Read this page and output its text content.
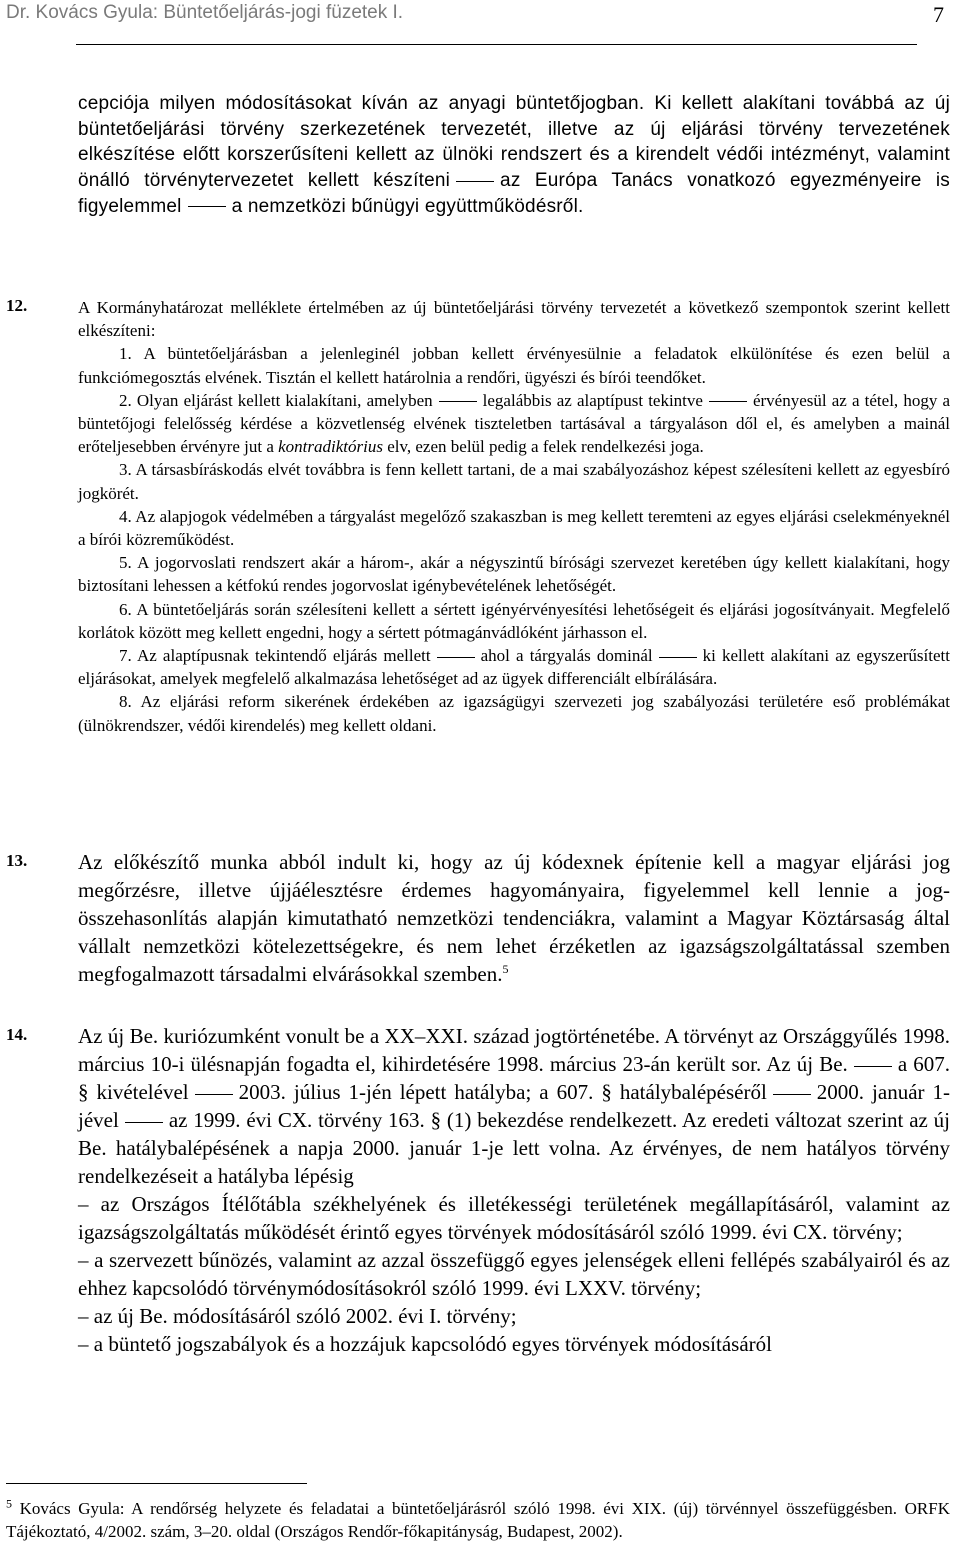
Dr. Kovács Gyula: Büntetőeljárás-jogi füzetek I.	7
cepciója milyen módosításokat kíván az anyagi büntetőjogban. Ki kellett alakítani továbbá az új büntetőeljárási törvény szerkezetének tervezetét, illetve az új eljárási törvény tervezetének elkészítése előtt korszerűsíteni kellett az ülnöki rendszert és a kirendelt védői intézményt, valamint önálló törvénytervezetet kellett készíteni	az Európa Tanács vonatkozó egyezményeire is figyelemmel	a nemzetközi bűnügyi együttműködésről.
12.	A Kormányhatározat melléklete értelmében az új büntetőeljárási törvény tervezetét a következő szempontok szerint kellett elkészíteni:
1. A büntetőeljárásban a jelenleginél jobban kellett érvényesülnie a feladatok elkülönítése és ezen belül a funkciómegosztás elvének. Tisztán el kellett határolnia a rendőri, ügyészi és bírói teendőket.
2. Olyan eljárást kellett kialakítani, amelyben	legalábbis az alaptípust tekintve	érvényesül az a tétel, hogy a büntetőjogi felelősség kérdése a közvetlenség elvének tiszteletben tartásával a tárgyaláson dől el, és amelyben a mainál erőteljesebben érvényre jut a kontradiktórius elv, ezen belül pedig a felek rendelkezési joga.
3. A társasbíráskodás elvét továbbra is fenn kellett tartani, de a mai szabályozáshoz képest szélesíteni kellett az egyesbíró jogkörét.
4. Az alapjogok védelmében a tárgyalást megelőző szakaszban is meg kellett teremteni az egyes eljárási cselekményeknél a bírói közreműködést.
5. A jogorvoslati rendszert akár a három-, akár a négyszintű bírósági szervezet keretében úgy kellett kialakítani, hogy biztosítani lehessen a kétfokú rendes jogorvoslat igénybevételének lehetőségét.
6. A büntetőeljárás során szélesíteni kellett a sértett igényérvényesítési lehetőségeit és eljárási jogosítványait. Megfelelő korlátok között meg kellett engedni, hogy a sértett pótmagánvádlóként járhasson el.
7. Az alaptípusnak tekintendő eljárás mellett	ahol a tárgyalás dominál	ki kellett alakítani az egyszerűsített eljárásokat, amelyek megfelelő alkalmazása lehetőséget ad az ügyek differenciált elbírálására.
8. Az eljárási reform sikerének érdekében az igazságügyi szervezeti jog szabályozási területére eső problémákat (ülnökrendszer, védői kirendelés) meg kellett oldani.
13. Az előkészítő munka abból indult ki, hogy az új kódexnek építenie kell a magyar eljárási jog megőrzésre, illetve újjáélesztésre érdemes hagyományaira, figyelemmel kell lennie a jog-összehasonlítás alapján kimutatható nemzetközi tendenciákra, valamint a Magyar Köztársaság által vállalt nemzetközi kötelezettségekre, és nem lehet érzéketlen az igazságszolgáltatással szemben megfogalmazott társadalmi elvárásokkal szemben.$^5$
14. Az új Be. kuriózumként vonult be a XX–XXI. század jogtörténetébe. A törvényt az Országgyűlés 1998. március 10-i ülésnapján fogadta el, kihirdetésére 1998. március 23-án került sor. Az új Be. a 607. § kivételével 2003. július 1-jén lépett hatályba; a 607. § hatálybalépéséről 2000. január 1-jével az 1999. évi CX. törvény 163. § (1) bekezdése rendelkezett. Az eredeti változat szerint az új Be. hatálybalépésének a napja 2000. január 1-je lett volna. Az érvényes, de nem hatályos törvény rendelkezéseit a hatályba lépésig
– az Országos Ítélőtábla székhelyének és illetékességi területének megállapításáról, valamint az igazságszolgáltatás működését érintő egyes törvények módosításáról szóló 1999. évi CX. törvény;
– a szervezett bűnözés, valamint az azzal összefüggő egyes jelenségek elleni fellépés szabályairól és az ehhez kapcsolódó törvénymódosításokról szóló 1999. évi LXXV. törvény;
– az új Be. módosításáról szóló 2002. évi I. törvény;
– a büntető jogszabályok és a hozzájuk kapcsolódó egyes törvények módosításáról
$^5$ Kovács Gyula: A rendőrség helyzete és feladatai a büntetőeljárásról szóló 1998. évi XIX. (új) törvénnyel összefüggésben. ORFK Tájékoztató, 4/2002. szám, 3–20. oldal (Országos Rendőr-főkapitányság, Budapest, 2002).
